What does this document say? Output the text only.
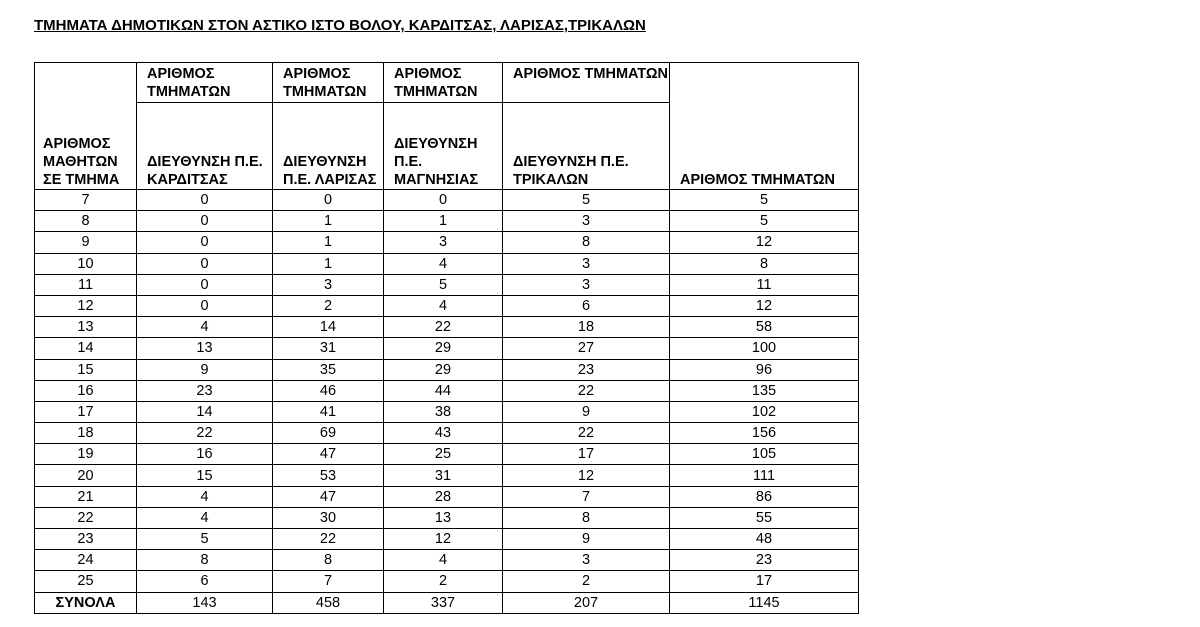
ΤΜΗΜΑΤΑ ΔΗΜΟΤΙΚΩΝ ΣΤΟΝ ΑΣΤΙΚΟ ΙΣΤΟ ΒΟΛΟΥ, ΚΑΡΔΙΤΣΑΣ, ΛΑΡΙΣΑΣ,ΤΡΙΚΑΛΩΝ
ΑΡΙΘΜΟΣ ΜΑΘΗΤΩΝ ΣΕ ΤΜΗΜΑ	ΑΡΙΘΜΟΣ ΤΜΗΜΑΤΩΝ	ΑΡΙΘΜΟΣ ΤΜΗΜΑΤΩΝ	ΑΡΙΘΜΟΣ ΤΜΗΜΑΤΩΝ	ΑΡΙΘΜΟΣ ΤΜΗΜΑΤΩΝ	ΑΡΙΘΜΟΣ ΤΜΗΜΑΤΩΝ
	ΔΙΕΥΘΥΝΣΗ Π.Ε. ΚΑΡΔΙΤΣΑΣ	ΔΙΕΥΘΥΝΣΗ Π.Ε. ΛΑΡΙΣΑΣ	ΔΙΕΥΘΥΝΣΗ Π.Ε. ΜΑΓΝΗΣΙΑΣ	ΔΙΕΥΘΥΝΣΗ Π.Ε. ΤΡΙΚΑΛΩΝ	
7	0	0	0	5	5
8	0	1	1	3	5
9	0	1	3	8	12
10	0	1	4	3	8
11	0	3	5	3	11
12	0	2	4	6	12
13	4	14	22	18	58
14	13	31	29	27	100
15	9	35	29	23	96
16	23	46	44	22	135
17	14	41	38	9	102
18	22	69	43	22	156
19	16	47	25	17	105
20	15	53	31	12	111
21	4	47	28	7	86
22	4	30	13	8	55
23	5	22	12	9	48
24	8	8	4	3	23
25	6	7	2	2	17
ΣΥΝΟΛΑ	143	458	337	207	1145
